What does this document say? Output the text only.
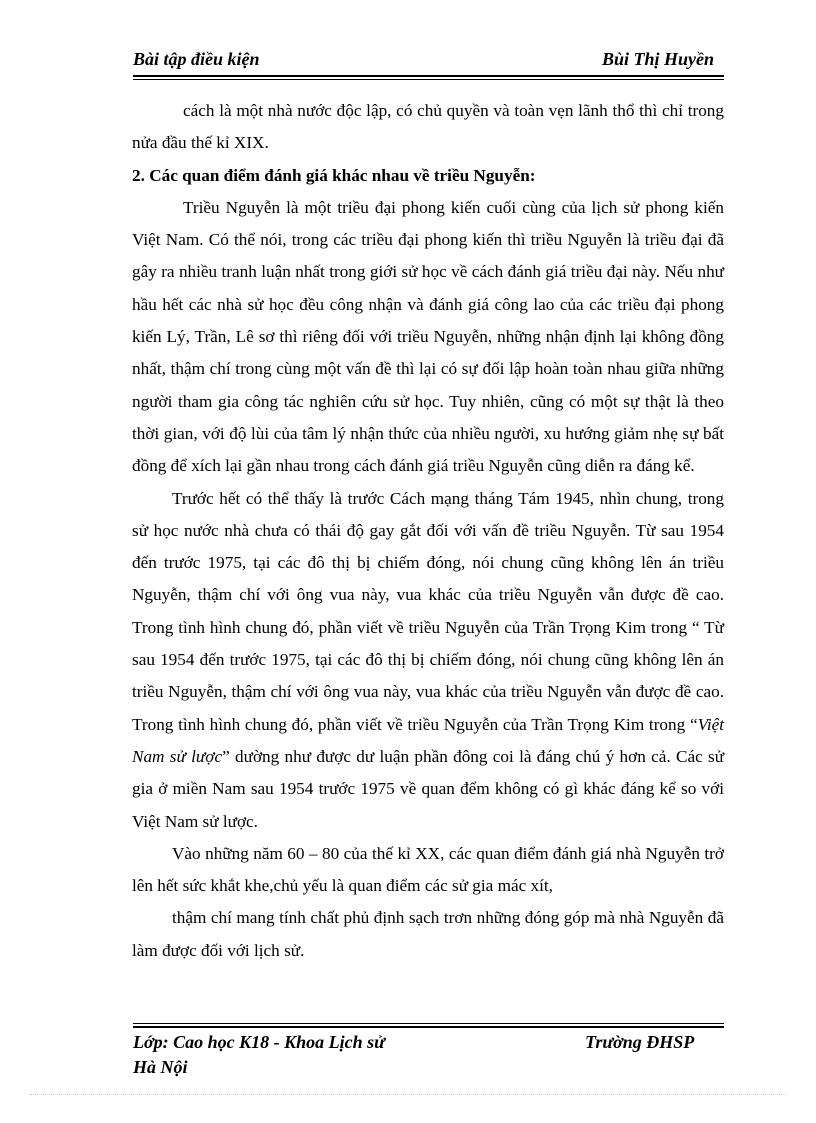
Bài tập điều kiện	Bùi Thị Huyền

cách là một nhà nước độc lập, có chủ quyền và toàn vẹn lãnh thổ thì chỉ trong nửa đầu thế kỉ XIX.

2. Các quan điểm đánh giá khác nhau về triều Nguyễn:

Triều Nguyễn là một triều đại phong kiến cuối cùng của lịch sử phong kiến Việt Nam. Có thể nói, trong các triều đại phong kiến thì triều Nguyễn là triều đại đã gây ra nhiều tranh luận nhất trong giới sử học về cách đánh giá triều đại này. Nếu như hầu hết các nhà sử học đều công nhận và đánh giá công lao của các triều đại phong kiến Lý, Trần, Lê sơ thì riêng đối với triều Nguyễn, những nhận định lại không đồng nhất, thậm chí trong cùng một vấn đề thì lại có sự đối lập hoàn toàn nhau giữa những người tham gia công tác nghiên cứu sử học. Tuy nhiên, cũng có một sự thật là theo thời gian, với độ lùi của tâm lý nhận thức của nhiều người, xu hướng giảm nhẹ sự bất đồng để xích lại gần nhau trong cách đánh giá triều Nguyễn cũng diễn ra đáng kể.

Trước hết có thể thấy là trước Cách mạng tháng Tám 1945, nhìn chung, trong sử học nước nhà chưa có thái độ gay gắt đối với vấn đề triều Nguyễn. Từ sau 1954 đến trước 1975, tại các đô thị bị chiếm đóng, nói chung cũng không lên án triều Nguyễn, thậm chí với ông vua này, vua khác của triều Nguyễn vẫn được đề cao. Trong tình hình chung đó, phần viết về triều Nguyễn của Trần Trọng Kim trong “ Từ sau 1954 đến trước 1975, tại các đô thị bị chiếm đóng, nói chung cũng không lên án triều Nguyễn, thậm chí với ông vua này, vua khác của triều Nguyễn vẫn được đề cao. Trong tình hình chung đó, phần viết về triều Nguyễn của Trần Trọng Kim trong “Việt Nam sử lược” dường như được dư luận phần đông coi là đáng chú ý hơn cả. Các sử gia ở miền Nam sau 1954 trước 1975 về quan đểm không có gì khác đáng kể so với Việt Nam sử lược.

Vào những năm 60 – 80 của thế kỉ XX, các quan điểm đánh giá nhà Nguyễn trở lên hết sức khắt khe,chủ yếu là quan điểm các sử gia mác xít,

thậm chí mang tính chất phủ định sạch trơn những đóng góp mà nhà Nguyễn đã làm được đối với lịch sử.

Lớp: Cao học K18 - Khoa Lịch sử	Trường ĐHSP
Hà Nội
